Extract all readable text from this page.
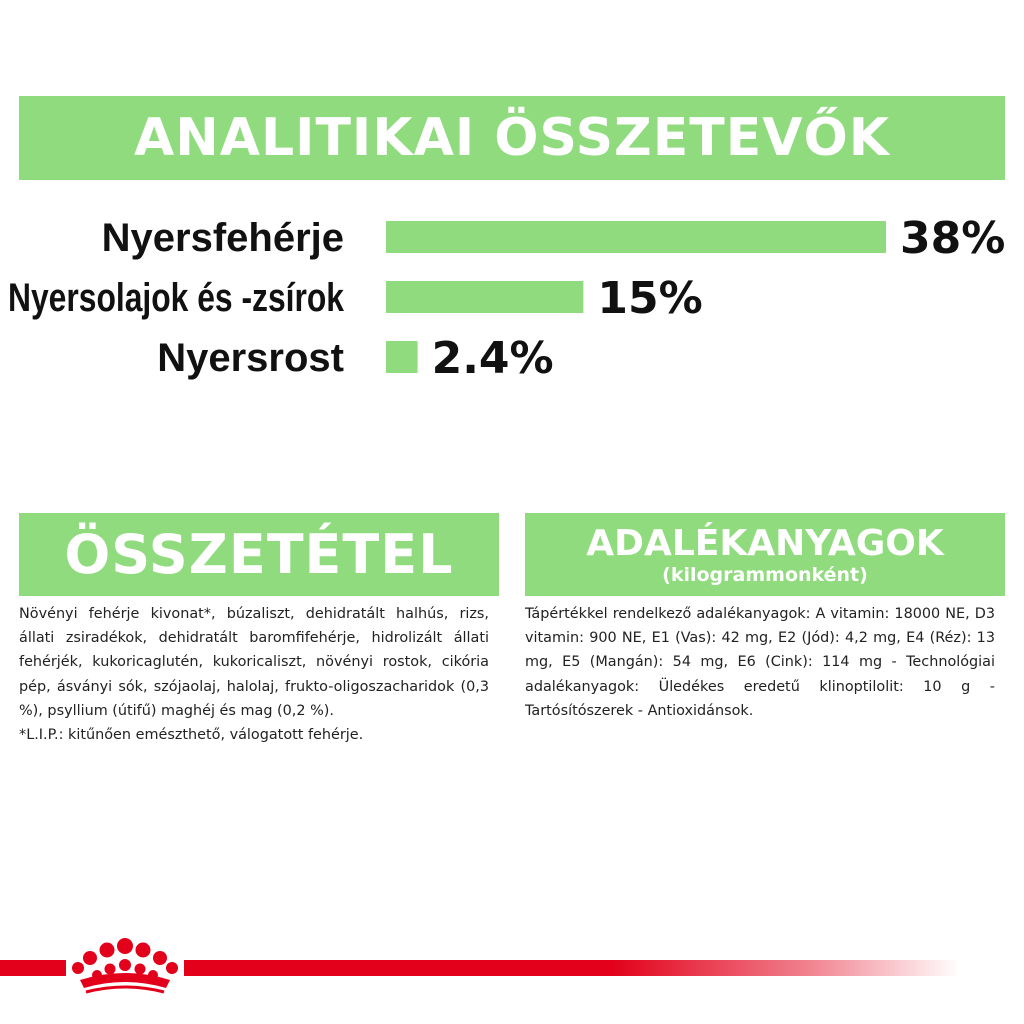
ANALITIKAI ÖSSZETEVŐK
Nyersfehérje	38%
Nyersolajok és -zsírok	15%
Nyersrost 2.4%
ÖSSZETÉTEL	ADALÉKANYAGOK
(kilogrammonként)

Növényi fehérje kivonat*, búzaliszt, dehidratált halhús, rizs, állati zsiradékok, dehidratált baromfifehérje, hidrolizált állati fehérjék, kukoricaglutén, kukoricaliszt, növényi rostok, cikória pép, ásványi sók, szójaolaj, halolaj, frukto-oligoszacharidok (0,3 %), psyllium (útifű) maghéj és mag (0,2 %).

*L.I.P.: kitűnően emészthető, válogatott fehérje.

Tápértékkel rendelkező adalékanyagok: A vitamin: 18000 NE, D3 vitamin: 900 NE, E1 (Vas): 42 mg, E2 (Jód): 4,2 mg, E4 (Réz): 13 mg, E5 (Mangán): 54 mg, E6 (Cink): 114 mg - Technológiai adalékanyagok: Üledékes eredetű klinoptilolit: 10 g - Tartósítószerek - Antioxidánsok.
